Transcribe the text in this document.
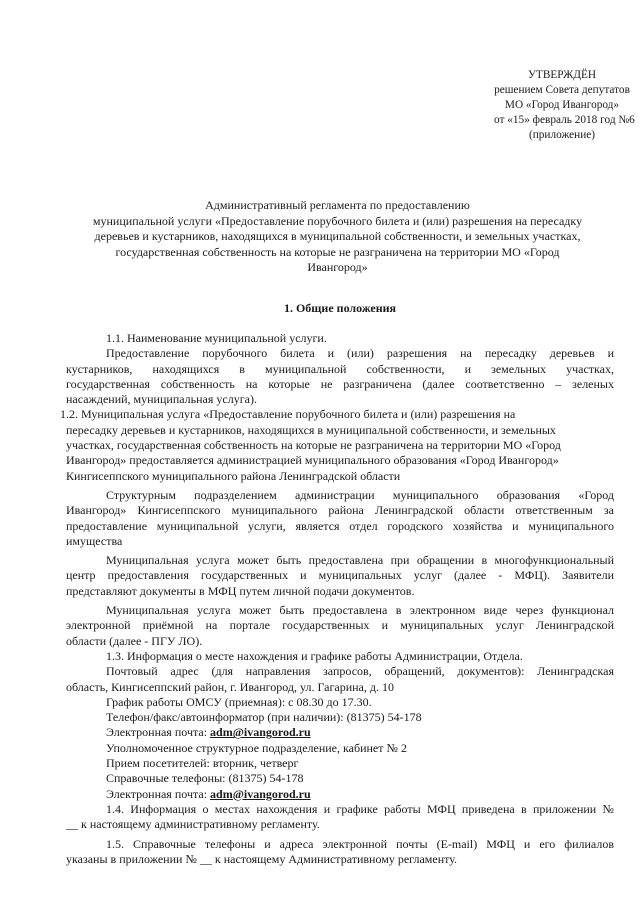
УТВЕРЖДЁН
решением Совета депутатов
МО «Город Ивангород»
от «15» февраль 2018 год №6
(приложение)
Административный регламента по предоставлению
муниципальной услуги «Предоставление порубочного билета и (или) разрешения на пересадку
деревьев и кустарников, находящихся в муниципальной собственности, и земельных участках,
государственная собственность на которые не разграничена на территории МО «Город
Ивангород»
1. Общие положения
1.1. Наименование муниципальной услуги.
Предоставление порубочного билета и (или) разрешения на пересадку деревьев и
кустарников, находящихся в муниципальной собственности, и земельных участках,
государственная собственность на которые не разграничена (далее соответственно – зеленых
насаждений, муниципальная услуга).
1.2. Муниципальная услуга «Предоставление порубочного билета и (или) разрешения на
пересадку деревьев и кустарников, находящихся в муниципальной собственности, и земельных
участках, государственная собственность на которые не разграничена на территории МО «Город
Ивангород» предоставляется администрацией муниципального образования «Город Ивангород»
Кингисеппского муниципального района Ленинградской области
Структурным подразделением администрации муниципального образования «Город
Ивангород» Кингисеппского муниципального района Ленинградской области ответственным за
предоставление муниципальной услуги, является отдел городского хозяйства и муниципального
имущества
Муниципальная услуга может быть предоставлена при обращении в многофункциональный
центр предоставления государственных и муниципальных услуг (далее - МФЦ). Заявители
представляют документы в МФЦ путем личной подачи документов.
Муниципальная услуга может быть предоставлена в электронном виде через функционал
электронной приёмной на портале государственных и муниципальных услуг Ленинградской
области (далее - ПГУ ЛО).
1.3. Информация о месте нахождения и графике работы Администрации, Отдела.
Почтовый адрес (для направления запросов, обращений, документов): Ленинградская
область, Кингисеппский район, г. Ивангород, ул. Гагарина, д. 10
График работы ОМСУ (приемная): с 08.30 до 17.30.
Телефон/факс/автоинформатор (при наличии): (81375) 54-178
Электронная почта: adm@ivangorod.ru
Уполномоченное структурное подразделение, кабинет № 2
Прием посетителей: вторник, четверг
Справочные телефоны: (81375) 54-178
Электронная почта: adm@ivangorod.ru
1.4. Информация о местах нахождения и графике работы МФЦ приведена в приложении №
__ к настоящему административному регламенту.
1.5. Справочные телефоны и адреса электронной почты (E-mail) МФЦ и его филиалов
указаны в приложении № __ к настоящему Административному регламенту.
